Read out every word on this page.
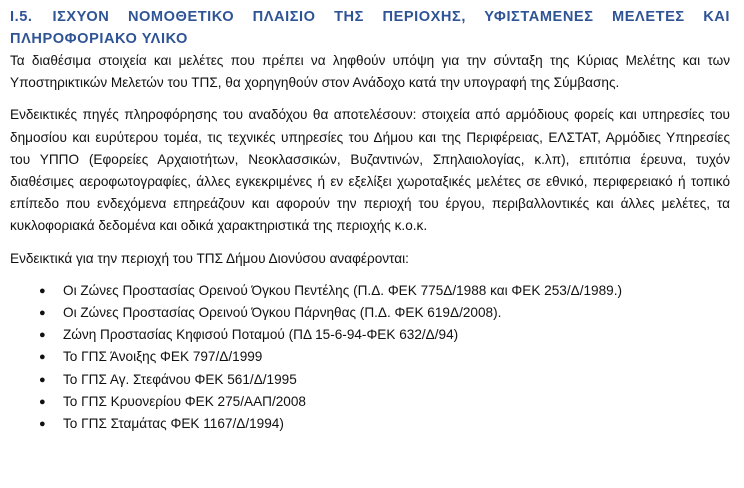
Ι.5. ΙΣΧΥΟΝ ΝΟΜΟΘΕΤΙΚΟ ΠΛΑΙΣΙΟ ΤΗΣ ΠΕΡΙΟΧΗΣ, ΥΦΙΣΤΑΜΕΝΕΣ ΜΕΛΕΤΕΣ ΚΑΙ ΠΛΗΡΟΦΟΡΙΑΚΟ ΥΛΙΚΟ

Τα διαθέσιμα στοιχεία και μελέτες που πρέπει να ληφθούν υπόψη για την σύνταξη της Κύριας Μελέτης και των Υποστηρικτικών Μελετών του ΤΠΣ, θα χορηγηθούν στον Ανάδοχο κατά την υπογραφή της Σύμβασης.

Ενδεικτικές πηγές πληροφόρησης του αναδόχου θα αποτελέσουν: στοιχεία από αρμόδιους φορείς και υπηρεσίες του δημοσίου και ευρύτερου τομέα, τις τεχνικές υπηρεσίες του Δήμου και της Περιφέρειας, ΕΛΣΤΑΤ, Αρμόδιες Υπηρεσίες του ΥΠΠΟ (Εφορείες Αρχαιοτήτων, Νεοκλασσικών, Βυζαντινών, Σπηλαιολογίας, κ.λπ), επιτόπια έρευνα, τυχόν διαθέσιμες αεροφωτογραφίες, άλλες εγκεκριμένες ή εν εξελίξει χωροταξικές μελέτες σε εθνικό, περιφερειακό ή τοπικό επίπεδο που ενδεχόμενα επηρεάζουν και αφορούν την περιοχή του έργου, περιβαλλοντικές και άλλες μελέτες, τα κυκλοφοριακά δεδομένα και οδικά χαρακτηριστικά της περιοχής κ.ο.κ.

Ενδεικτικά για την περιοχή του ΤΠΣ Δήμου Διονύσου αναφέρονται:

● Οι Ζώνες Προστασίας Ορεινού Όγκου Πεντέλης (Π.Δ. ΦΕΚ 775Δ/1988 και ΦΕΚ 253/Δ/1989.)
● Οι Ζώνες Προστασίας Ορεινού Όγκου Πάρνηθας (Π.Δ. ΦΕΚ 619Δ/2008).
● Ζώνη Προστασίας Κηφισού Ποταμού (ΠΔ 15-6-94-ΦΕΚ 632/Δ/94)
● Το ΓΠΣ Άνοιξης ΦΕΚ 797/Δ/1999
● Το ΓΠΣ Αγ. Στεφάνου ΦΕΚ 561/Δ/1995
● Το ΓΠΣ Κρυονερίου ΦΕΚ 275/ΑΑΠ/2008
● Το ΓΠΣ Σταμάτας ΦΕΚ 1167/Δ/1994)
